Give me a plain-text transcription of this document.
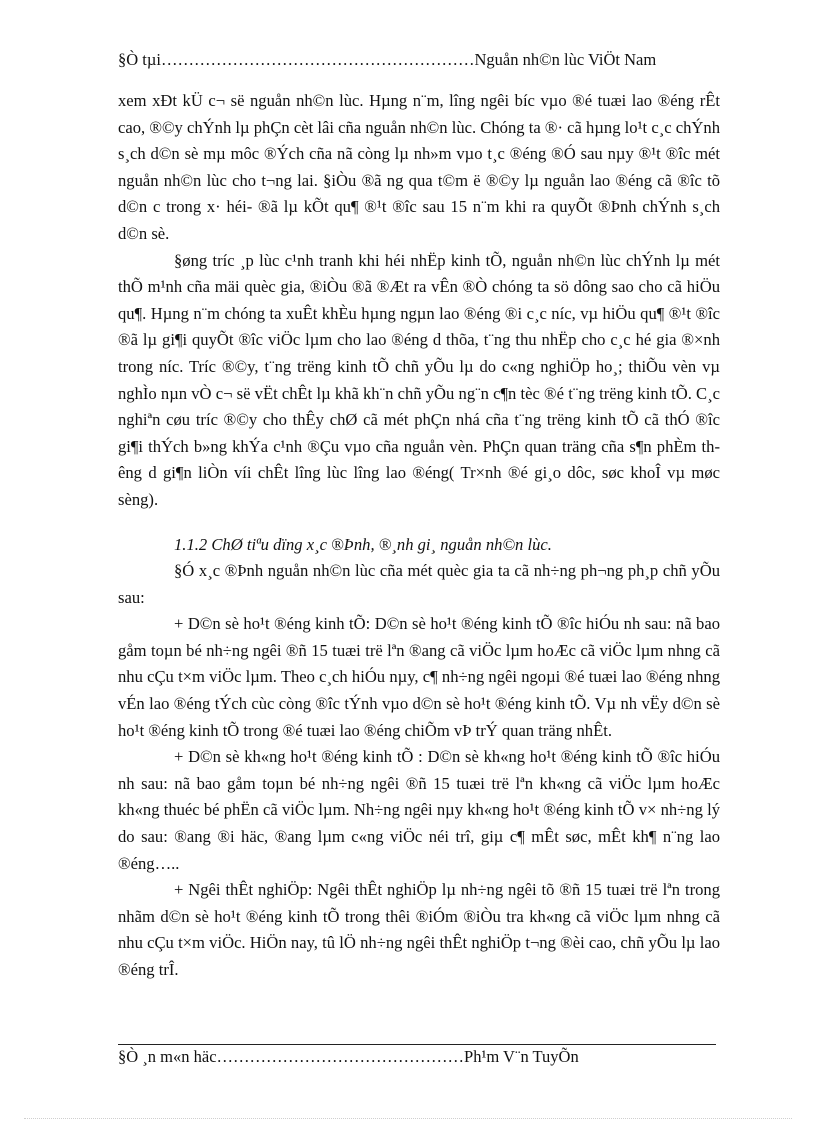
§Ò tµi…………………………………………………Nguån nh©n lùc ViÖt Nam

xem xÐt kÜ c¬ së nguån nh©n lùc. Hµng n¨m, lîng ngêi bíc vµo ®é tuæi lao ®éng rÊt cao, ®©y chÝnh lµ phÇn cèt lâi cña nguån nh©n lùc. Chóng ta ®· cã hµng lo¹t c¸c chÝnh s¸ch d©n sè mµ môc ®Ých cña nã còng lµ nh»m vµo t¸c ®éng ®Ó sau nµy ®¹t ®îc mét nguån nh©n lùc cho t¬ng lai. §iÒu ®ã ng qua t©m ë ®©y lµ nguån lao ®éng cã ®îc tõ d©n c trong x· héi- ®ã lµ kÕt qu¶ ®¹t ®îc sau 15 n¨m khi ra quyÕt ®Þnh chÝnh s¸ch d©n sè.

§øng tríc ¸p lùc c¹nh tranh khi héi nhËp kinh tÕ, nguån nh©n lùc chÝnh lµ mét thÕ m¹nh cña mäi quèc gia, ®iÒu ®ã ®Æt ra vÊn ®Ò chóng ta sö dông sao cho cã hiÖu qu¶. Hµng n¨m chóng ta xuÊt khÈu hµng ngµn lao ®éng ®i c¸c níc, vµ hiÖu qu¶ ®¹t ®îc ®ã lµ gi¶i quyÕt ®îc viÖc lµm cho lao ®éng d thõa, t¨ng thu nhËp cho c¸c hé gia ®×nh trong níc. Tríc ®©y, t¨ng trëng kinh tÕ chñ yÕu lµ do c«ng nghiÖp ho¸; thiÕu vèn vµ nghÌo nµn vÒ c¬ së vËt chÊt lµ khã kh¨n chñ yÕu ng¨n c¶n tèc ®é t¨ng trëng kinh tÕ. C¸c nghiªn cøu tríc ®©y cho thÊy chØ cã mét phÇn nhá cña t¨ng trëng kinh tÕ cã thÓ ®îc gi¶i thÝch b»ng khÝa c¹nh ®Çu vµo cña nguån vèn. PhÇn quan träng cña s¶n phÈm thêng d gi¶n liÒn víi chÊt lîng lùc lîng lao ®éng( Tr×nh ®é gi¸o dôc, søc khoÎ vµ møc sèng).

1.1.2 ChØ tiªu dïng x¸c ®Þnh, ®¸nh gi¸ nguån nh©n lùc.

§Ó x¸c ®Þnh nguån nh©n lùc cña mét quèc gia ta cã nh÷ng ph¬ng ph¸p chñ yÕu sau:

+ D©n sè ho¹t ®éng kinh tÕ: D©n sè ho¹t ®éng kinh tÕ ®îc hiÓu nh sau: nã bao gåm toµn bé nh÷ng ngêi ®ñ 15 tuæi trë lªn ®ang cã viÖc lµm hoÆc cã viÖc lµm nhng cã nhu cÇu t×m viÖc lµm. Theo c¸ch hiÓu nµy, c¶ nh÷ng ngêi ngoµi ®é tuæi lao ®éng nhng vÉn lao ®éng tÝch cùc còng ®îc tÝnh vµo d©n sè ho¹t ®éng kinh tÕ. Vµ nh vËy d©n sè ho¹t ®éng kinh tÕ trong ®é tuæi lao ®éng chiÕm vÞ trÝ quan träng nhÊt.

+ D©n sè kh«ng ho¹t ®éng kinh tÕ : D©n sè kh«ng ho¹t ®éng kinh tÕ ®îc hiÓu nh sau: nã bao gåm toµn bé nh÷ng ngêi ®ñ 15 tuæi trë lªn kh«ng cã viÖc lµm hoÆc kh«ng thuéc bé phËn cã viÖc lµm. Nh÷ng ngêi nµy kh«ng ho¹t ®éng kinh tÕ v× nh÷ng lý do sau: ®ang ®i häc, ®ang lµm c«ng viÖc néi trî, giµ c¶ mÊt søc, mÊt kh¶ n¨ng lao ®éng…..

+ Ngêi thÊt nghiÖp: Ngêi thÊt nghiÖp lµ nh÷ng ngêi tõ ®ñ 15 tuæi trë lªn trong nhãm d©n sè ho¹t ®éng kinh tÕ trong thêi ®iÓm ®iÒu tra kh«ng cã viÖc lµm nhng cã nhu cÇu t×m viÖc. HiÖn nay, tû lÖ nh÷ng ngêi thÊt nghiÖp t¬ng ®èi cao, chñ yÕu lµ lao ®éng trÎ.

§Ò ¸n m«n häc………………………………………Ph¹m V¨n TuyÕn
